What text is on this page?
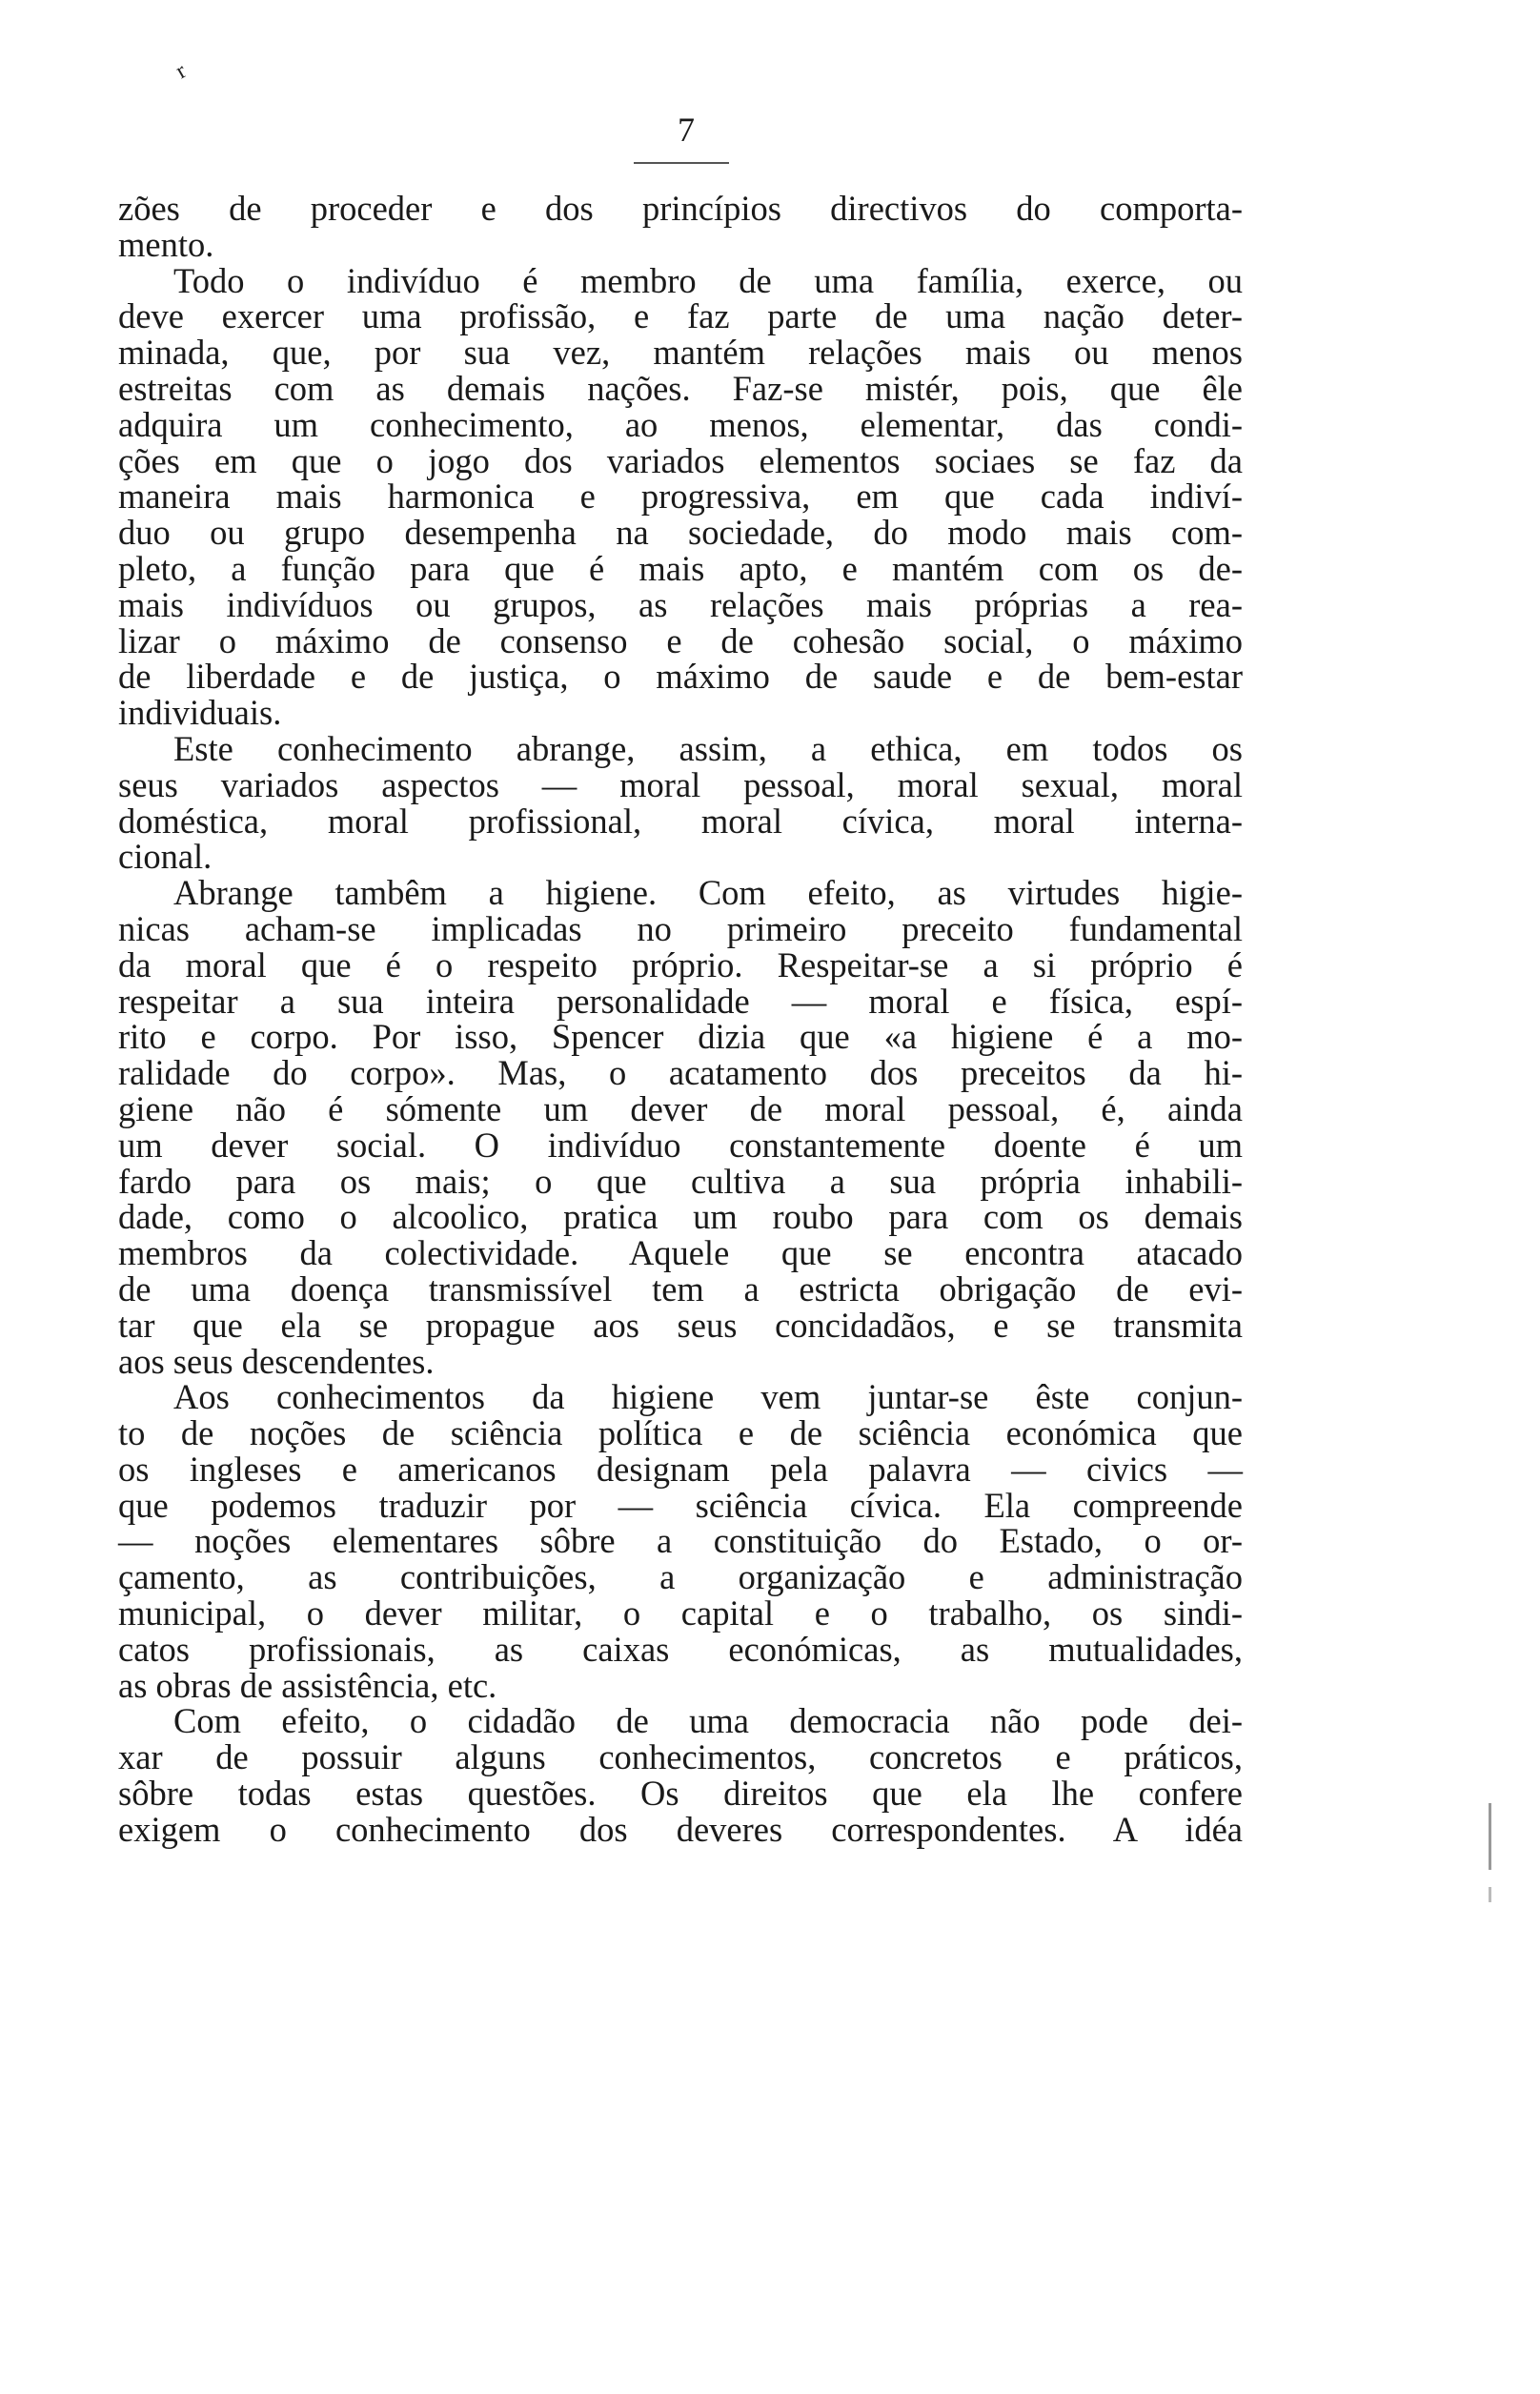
r
7
zões de proceder e dos princípios directivos do comporta-
mento.
Todo o indivíduo é membro de uma família, exerce, ou
deve exercer uma profissão, e faz parte de uma nação deter-
minada, que, por sua vez, mantém relações mais ou menos
estreitas com as demais nações. Faz-se mistér, pois, que êle
adquira um conhecimento, ao menos, elementar, das condi-
ções em que o jogo dos variados elementos sociaes se faz da
maneira mais harmonica e progressiva, em que cada indiví-
duo ou grupo desempenha na sociedade, do modo mais com-
pleto, a função para que é mais apto, e mantém com os de-
mais indivíduos ou grupos, as relações mais próprias a rea-
lizar o máximo de consenso e de cohesão social, o máximo
de liberdade e de justiça, o máximo de saude e de bem-estar
individuais.
Este conhecimento abrange, assim, a ethica, em todos os
seus variados aspectos — moral pessoal, moral sexual, moral
doméstica, moral profissional, moral cívica, moral interna-
cional.
Abrange tambêm a higiene. Com efeito, as virtudes higie-
nicas acham-se implicadas no primeiro preceito fundamental
da moral que é o respeito próprio. Respeitar-se a si próprio é
respeitar a sua inteira personalidade — moral e física, espí-
rito e corpo. Por isso, Spencer dizia que «a higiene é a mo-
ralidade do corpo». Mas, o acatamento dos preceitos da hi-
giene não é sómente um dever de moral pessoal, é, ainda
um dever social. O indivíduo constantemente doente é um
fardo para os mais; o que cultiva a sua própria inhabili-
dade, como o alcoolico, pratica um roubo para com os demais
membros da colectividade. Aquele que se encontra atacado
de uma doença transmissível tem a estricta obrigação de evi-
tar que ela se propague aos seus concidadãos, e se transmita
aos seus descendentes.
Aos conhecimentos da higiene vem juntar-se êste conjun-
to de noções de sciência política e de sciência económica que
os ingleses e americanos designam pela palavra — civics —
que podemos traduzir por — sciência cívica. Ela compreende
— noções elementares sôbre a constituição do Estado, o or-
çamento, as contribuições, a organização e administração
municipal, o dever militar, o capital e o trabalho, os sindi-
catos profissionais, as caixas económicas, as mutualidades,
as obras de assistência, etc.
Com efeito, o cidadão de uma democracia não pode dei-
xar de possuir alguns conhecimentos, concretos e práticos,
sôbre todas estas questões. Os direitos que ela lhe confere
exigem o conhecimento dos deveres correspondentes. A idéa
